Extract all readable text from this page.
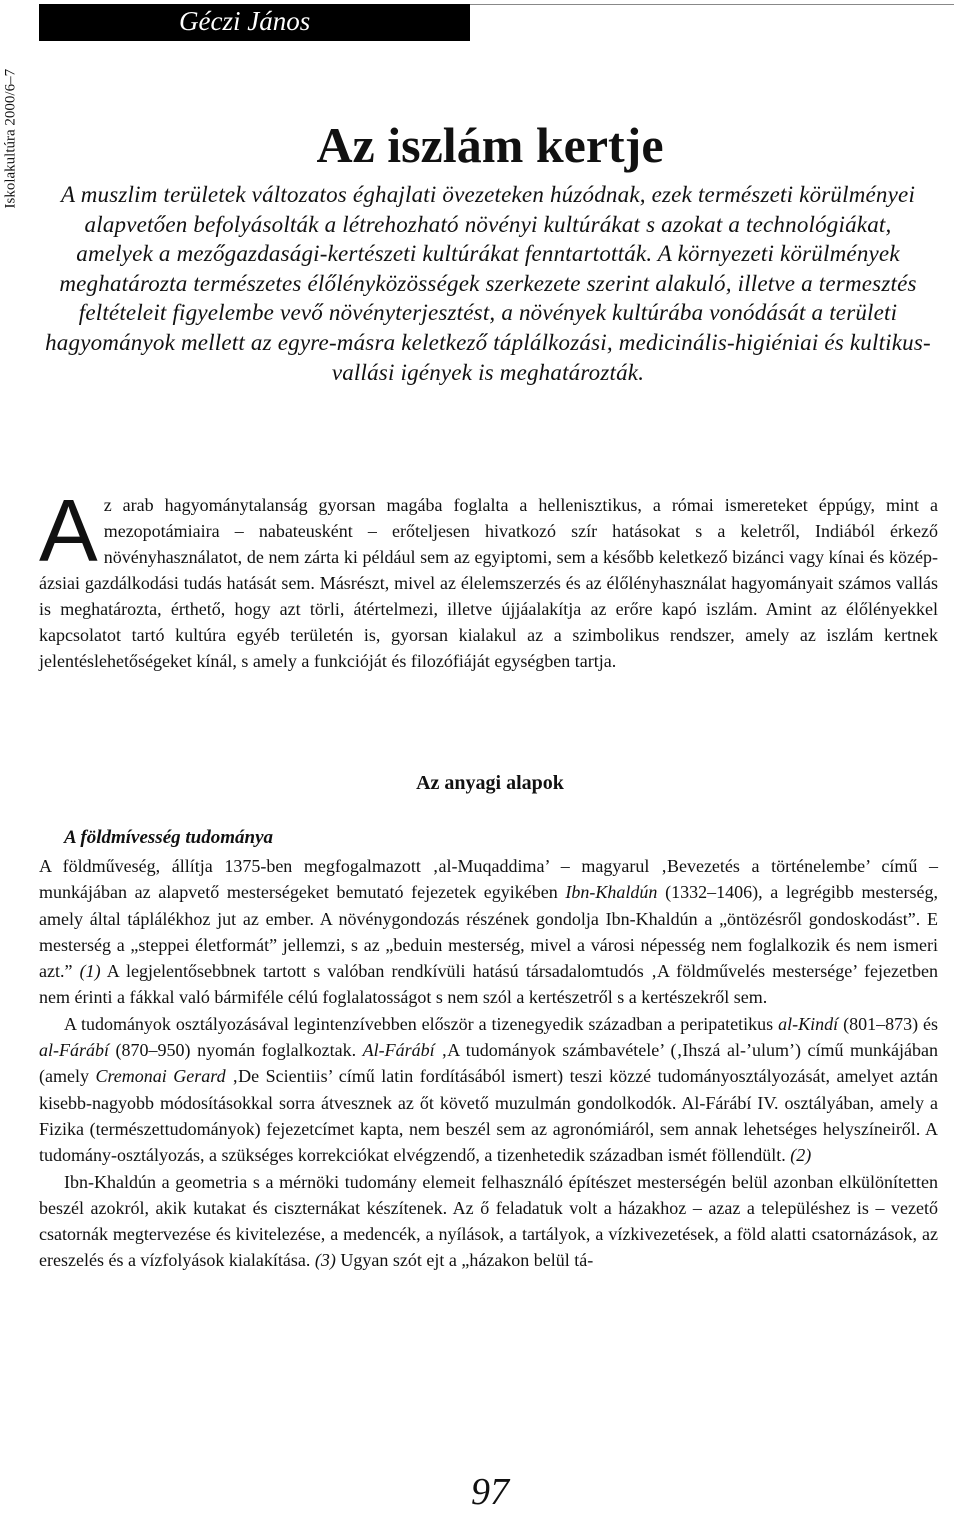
Iskolakultúra 2000/6–7
Géczi János
Az iszlám kertje

A muszlim területek változatos éghajlati övezeteken húzódnak, ezek természeti körülményei alapvetően befolyásolták a létrehozható növényi kultúrákat s azokat a technológiákat, amelyek a mezőgazdasági-kertészeti kultúrákat fenntartották. A környezeti körülmények meghatározta természetes élőlényközösségek szerkezete szerint alakuló, illetve a termesztés feltételeit figyelembe vevő növényterjesztést, a növények kultúrába vonódását a területi hagyományok mellett az egyre-másra keletkező táplálkozási, medicinális-higiéniai és kultikus-vallási igények is meghatározták.

Az arab hagyománytalanság gyorsan magába foglalta a hellenisztikus, a római ismereteket éppúgy, mint a mezopotámiaira – nabateusként – erőteljesen hivatkozó szír hatásokat s a keletről, Indiából érkező növényhasználatot, de nem zárta ki például sem az egyiptomi, sem a később keletkező bizánci vagy kínai és közép-ázsiai gazdálkodási tudás hatását sem. Másrészt, mivel az élelemszerzés és az élőlényhasználat hagyományait számos vallás is meghatározta, érthető, hogy azt törli, átértelmezi, illetve újjáalakítja az erőre kapó iszlám. Amint az élőlényekkel kapcsolatot tartó kultúra egyéb területén is, gyorsan kialakul az a szimbolikus rendszer, amely az iszlám kertnek jelentéslehetőségeket kínál, s amely a funkcióját és filozófiáját egységben tartja.

Az anyagi alapok
A földmívesség tudománya

A földműveség, állítja 1375-ben megfogalmazott ‚al-Muqaddima’ – magyarul ‚Bevezetés a történelembe’ című – munkájában az alapvető mesterségeket bemutató fejezetek egyikében Ibn-Khaldún (1332–1406), a legrégibb mesterség, amely által táplálékhoz jut az ember. A növénygondozás részének gondolja Ibn-Khaldún a „öntözésről gondoskodást”. E mesterség a „steppei életformát” jellemzi, s az „beduin mesterség, mivel a városi népesség nem foglalkozik és nem ismeri azt.” (1) A legjelentősebbnek tartott s valóban rendkívüli hatású társadalomtudós ‚A földművelés mestersége’ fejezetben nem érinti a fákkal való bármiféle célú foglalatosságot s nem szól a kertészetről s a kertészekről sem.

A tudományok osztályozásával legintenzívebben először a tizenegyedik században a peripatetikus al-Kindí (801–873) és al-Fárábí (870–950) nyomán foglalkoztak. Al-Fárábí ‚A tudományok számbavétele’ (‚Ihszá al-’ulum’) című munkájában (amely Cremonai Gerard ‚De Scientiis’ című latin fordításából ismert) teszi közzé tudományosztályozását, amelyet aztán kisebb-nagyobb módosításokkal sorra átvesznek az őt követő muzulmán gondolkodók. Al-Fárábí IV. osztályában, amely a Fizika (természettudományok) fejezetcímet kapta, nem beszél sem az agronómiáról, sem annak lehetséges helyszíneiről. A tudomány-osztályozás, a szükséges korrekciókat elvégzendő, a tizenhetedik században ismét föllendült. (2)

Ibn-Khaldún a geometria s a mérnöki tudomány elemeit felhasználó építészet mesterségén belül azonban elkülönítetten beszél azokról, akik kutakat és ciszternákat készítenek. Az ő feladatuk volt a házakhoz – azaz a településhez is – vezető csatornák megtervezése és kivitelezése, a medencék, a nyílások, a tartályok, a vízkivezetések, a föld alatti csatornázások, az ereszelés és a vízfolyások kialakítása. (3) Ugyan szót ejt a „házakon belül tá-

97
